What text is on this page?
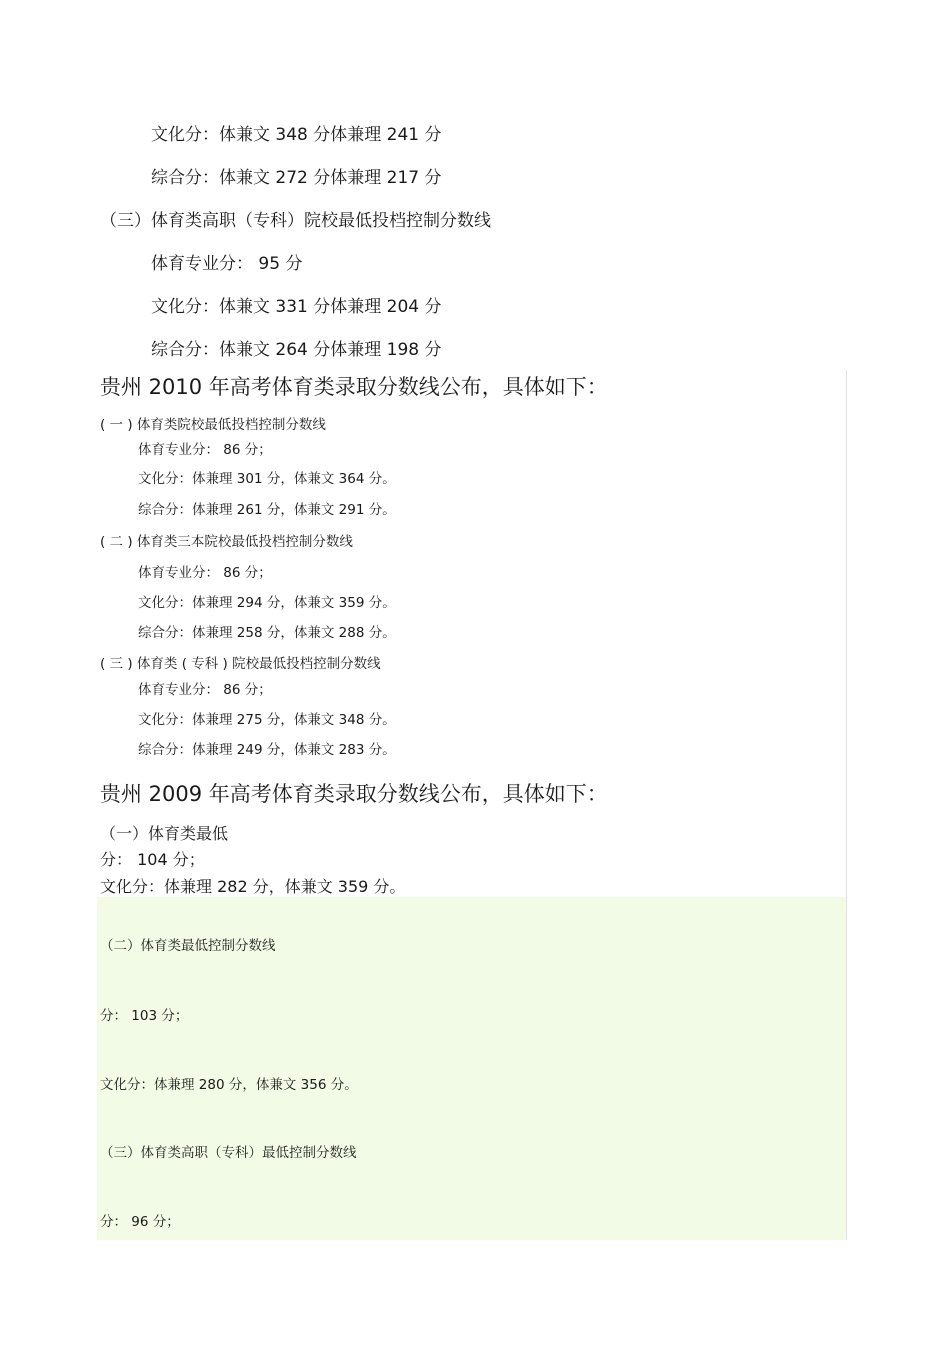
文化分：体兼文 348 分体兼理 241 分
综合分：体兼文 272 分体兼理 217 分
（三）体育类高职（专科）院校最低投档控制分数线
体育专业分： 95 分
文化分：体兼文 331 分体兼理 204 分
综合分：体兼文 264 分体兼理 198 分
贵州 2010 年高考体育类录取分数线公布，具体如下：
( 一 ) 体育类院校最低投档控制分数线
体育专业分： 86 分；
文化分：体兼理 301 分，体兼文 364 分。
综合分：体兼理 261 分，体兼文 291 分。
( 二 ) 体育类三本院校最低投档控制分数线
体育专业分： 86 分；
文化分：体兼理 294 分，体兼文 359 分。
综合分：体兼理 258 分，体兼文 288 分。
( 三 ) 体育类 ( 专科 ) 院校最低投档控制分数线
体育专业分： 86 分；
文化分：体兼理 275 分，体兼文 348 分。
综合分：体兼理 249 分，体兼文 283 分。
贵州 2009 年高考体育类录取分数线公布，具体如下：
（一）体育类最低
分： 104 分；
文化分：体兼理 282 分，体兼文 359 分。
（二）体育类最低控制分数线
分： 103 分；
文化分：体兼理 280 分，体兼文 356 分。
（三）体育类高职（专科）最低控制分数线
分： 96 分；
